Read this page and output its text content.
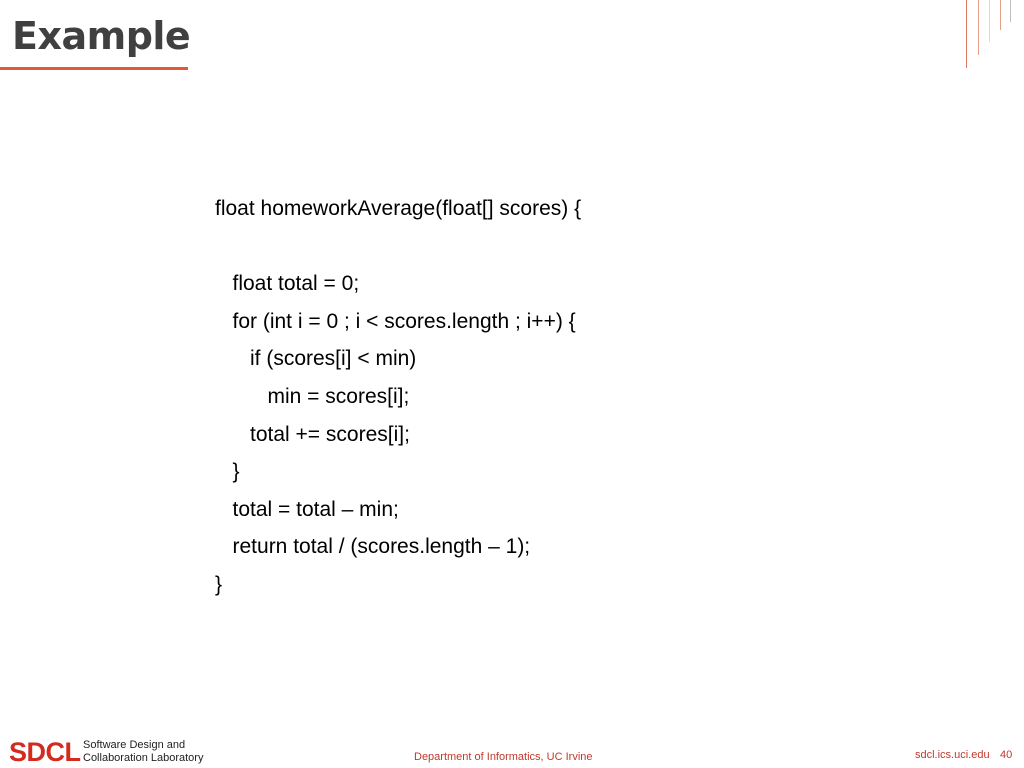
Example
float homeworkAverage(float[] scores) {
float total = 0;
for (int i = 0 ; i < scores.length ; i++) {
if (scores[i] < min)
min = scores[i];
total += scores[i];
}
total = total – min;
return total / (scores.length – 1);
}
SDCL Software Design and
Collaboration Laboratory	Department of Informatics, UC Irvine	sdcl.ics.uci.edu 40
